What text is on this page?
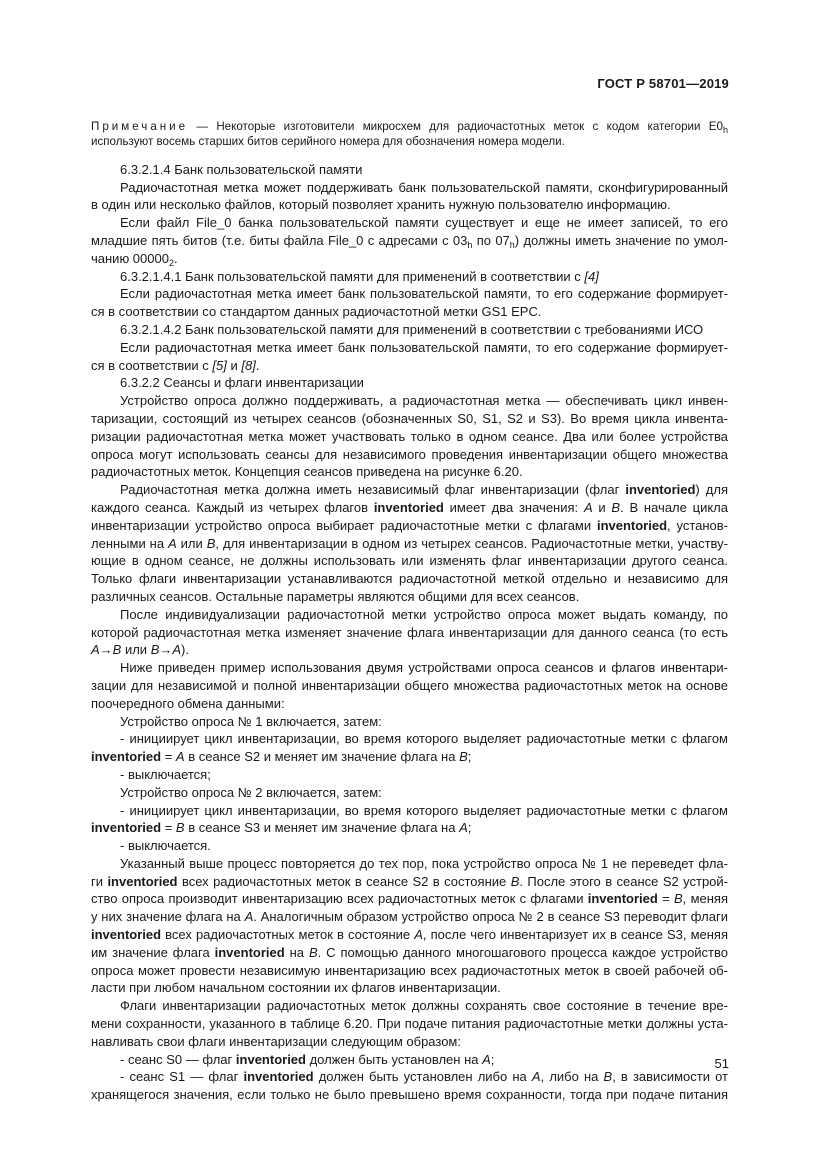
ГОСТ Р 58701—2019
Примечание — Некоторые изготовители микросхем для радиочастотных меток с кодом категории $E0_h$
используют восемь старших битов серийного номера для обозначения номера модели.
6.3.2.1.4 Банк пользовательской памяти
Радиочастотная метка может поддерживать банк пользовательской памяти, сконфигурированный
в один или несколько файлов, который позволяет хранить нужную пользователю информацию.
Если файл File_0 банка пользовательской памяти существует и еще не имеет записей, то его
младшие пять битов (т.е. биты файла File_0 с адресами с $03_h$ по $07_h$) должны иметь значение по умол-
чанию $00000_2$.
6.3.2.1.4.1 Банк пользовательской памяти для применений в соответствии с [4]
Если радиочастотная метка имеет банк пользовательской памяти, то его содержание формирует-
ся в соответствии со стандартом данных радиочастотной метки GS1 EPC.
6.3.2.1.4.2 Банк пользовательской памяти для применений в соответствии с требованиями ИСО
Если радиочастотная метка имеет банк пользовательской памяти, то его содержание формирует-
ся в соответствии с [5] и [8].
6.3.2.2 Сеансы и флаги инвентаризации
Устройство опроса должно поддерживать, а радиочастотная метка — обеспечивать цикл инвен-
таризации, состоящий из четырех сеансов (обозначенных S0, S1, S2 и S3). Во время цикла инвента-
ризации радиочастотная метка может участвовать только в одном сеансе. Два или более устройства
опроса могут использовать сеансы для независимого проведения инвентаризации общего множества
радиочастотных меток. Концепция сеансов приведена на рисунке 6.20.
Радиочастотная метка должна иметь независимый флаг инвентаризации (флаг inventoried) для
каждого сеанса. Каждый из четырех флагов inventoried имеет два значения: A и B. В начале цикла
инвентаризации устройство опроса выбирает радиочастотные метки с флагами inventoried, установ-
ленными на A или B, для инвентаризации в одном из четырех сеансов. Радиочастотные метки, участву-
ющие в одном сеансе, не должны использовать или изменять флаг инвентаризации другого сеанса.
Только флаги инвентаризации устанавливаются радиочастотной меткой отдельно и независимо для
различных сеансов. Остальные параметры являются общими для всех сеансов.
После индивидуализации радиочастотной метки устройство опроса может выдать команду, по
которой радиочастотная метка изменяет значение флага инвентаризации для данного сеанса (то есть
A→B или B→A).
Ниже приведен пример использования двумя устройствами опроса сеансов и флагов инвентари-
зации для независимой и полной инвентаризации общего множества радиочастотных меток на основе
поочередного обмена данными:
Устройство опроса № 1 включается, затем:
- инициирует цикл инвентаризации, во время которого выделяет радиочастотные метки с флагом
inventoried = A в сеансе S2 и меняет им значение флага на B;
- выключается;
Устройство опроса № 2 включается, затем:
- инициирует цикл инвентаризации, во время которого выделяет радиочастотные метки с флагом
inventoried = B в сеансе S3 и меняет им значение флага на A;
- выключается.
Указанный выше процесс повторяется до тех пор, пока устройство опроса № 1 не переведет фла-
ги inventoried всех радиочастотных меток в сеансе S2 в состояние B. После этого в сеансе S2 устрой-
ство опроса производит инвентаризацию всех радиочастотных меток с флагами inventoried = B, меняя
у них значение флага на A. Аналогичным образом устройство опроса № 2 в сеансе S3 переводит флаги
inventoried всех радиочастотных меток в состояние A, после чего инвентаризует их в сеансе S3, меняя
им значение флага inventoried на B. С помощью данного многошагового процесса каждое устройство
опроса может провести независимую инвентаризацию всех радиочастотных меток в своей рабочей об-
ласти при любом начальном состоянии их флагов инвентаризации.
Флаги инвентаризации радиочастотных меток должны сохранять свое состояние в течение вре-
мени сохранности, указанного в таблице 6.20. При подаче питания радиочастотные метки должны уста-
навливать свои флаги инвентаризации следующим образом:
- сеанс S0 — флаг inventoried должен быть установлен на A;
- сеанс S1 — флаг inventoried должен быть установлен либо на A, либо на B, в зависимости от
хранящегося значения, если только не было превышено время сохранности, тогда при подаче питания
51
